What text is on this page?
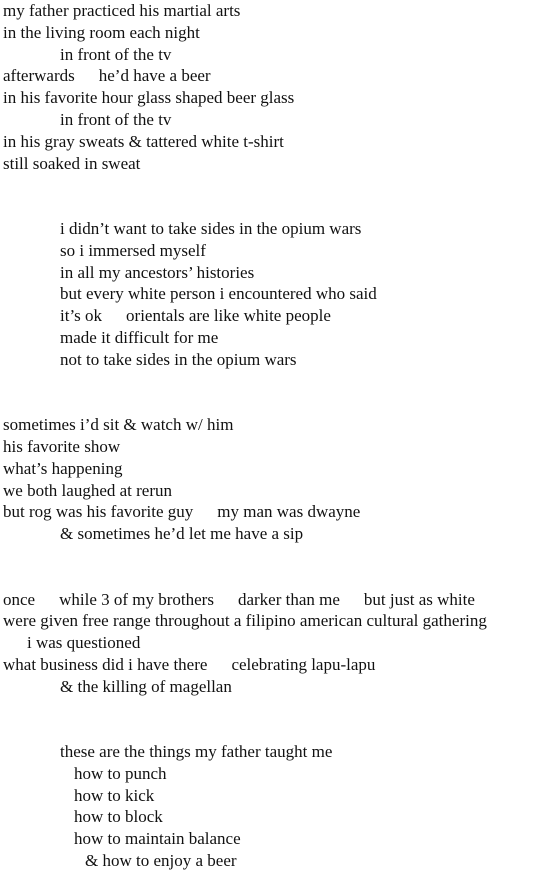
my father practiced his martial arts
in the living room each night
in front of the tv
afterwards he’d have a beer
in his favorite hour glass shaped beer glass
in front of the tv
in his gray sweats & tattered white t-shirt
still soaked in sweat
i didn’t want to take sides in the opium wars
so i immersed myself
in all my ancestors’ histories
but every white person i encountered who said
it’s ok orientals are like white people
made it difficult for me
not to take sides in the opium wars
sometimes i’d sit & watch w/ him
his favorite show
what’s happening
we both laughed at rerun
but rog was his favorite guy my man was dwayne
& sometimes he’d let me have a sip
once while 3 of my brothers darker than me but just as white
were given free range throughout a filipino american cultural gathering
i was questioned
what business did i have there celebrating lapu-lapu
& the killing of magellan
these are the things my father taught me
how to punch
how to kick
how to block
how to maintain balance
& how to enjoy a beer
